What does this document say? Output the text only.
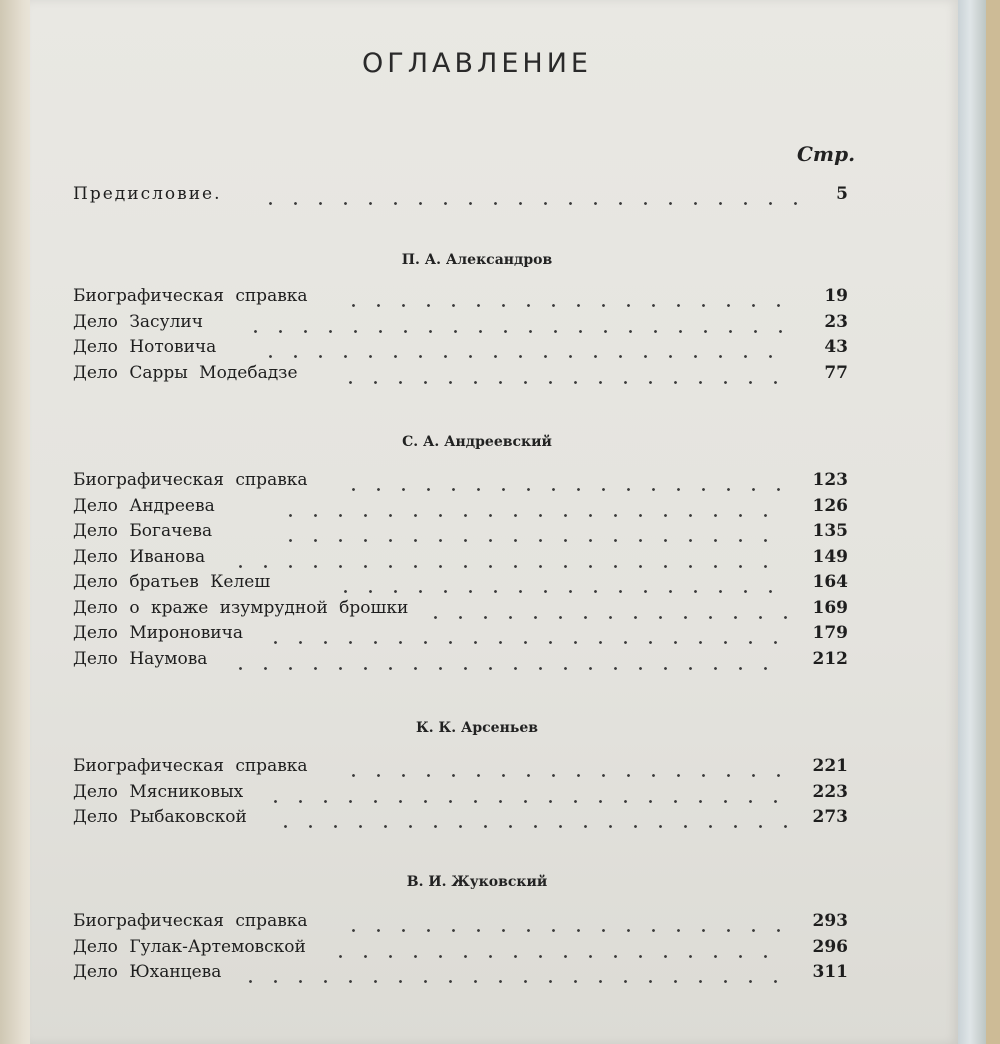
ОГЛАВЛЕНИЕ
Стр.
Предисловие.	5
П. А. Александров
Биографическая справка	19
Дело Засулич	23
Дело Нотовича	43
Дело Сарры Модебадзе	77
С. А. Андреевский
Биографическая справка	123
Дело Андреева	126
Дело Богачева	135
Дело Иванова	149
Дело братьев Келеш	164
Дело о краже изумрудной брошки	169
Дело Мироновича	179
Дело Наумова	212
К. К. Арсеньев
Биографическая справка	221
Дело Мясниковых	223
Дело Рыбаковской	273
В. И. Жуковский
Биографическая справка	293
Дело Гулак-Артемовской	296
Дело Юханцева	311
